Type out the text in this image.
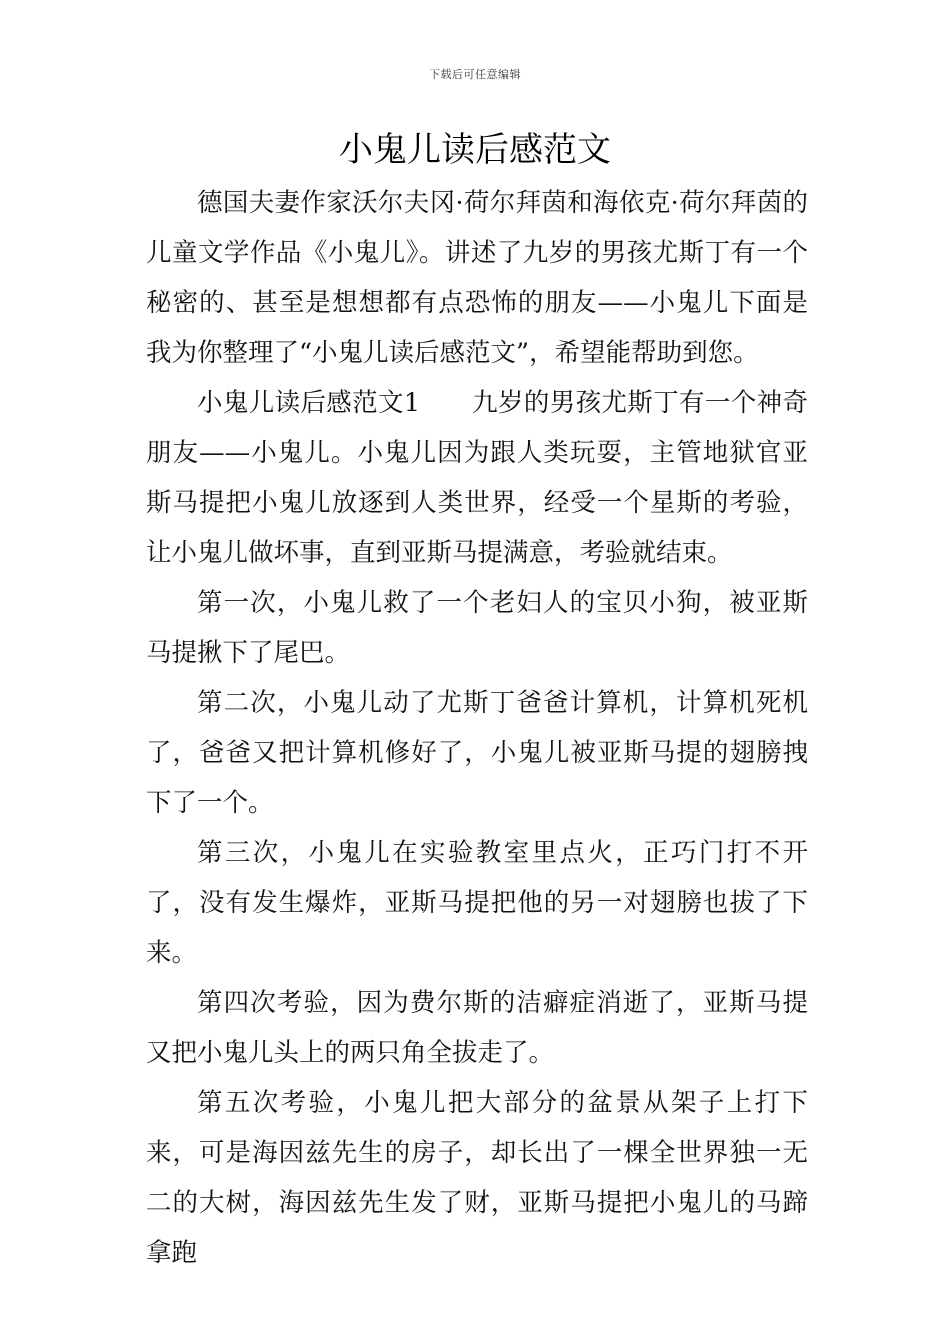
下载后可任意编辑
小鬼儿读后感范文

德国夫妻作家沃尔夫冈·荷尔拜茵和海依克·荷尔拜茵的儿童文学作品《小鬼儿》。讲述了九岁的男孩尤斯丁有一个秘密的、甚至是想想都有点恐怖的朋友——小鬼儿下面是我为你整理了“小鬼儿读后感范文”，希望能帮助到您。

小鬼儿读后感范文1　　九岁的男孩尤斯丁有一个神奇朋友——小鬼儿。小鬼儿因为跟人类玩耍，主管地狱官亚斯马提把小鬼儿放逐到人类世界，经受一个星斯的考验，让小鬼儿做坏事，直到亚斯马提满意，考验就结束。

第一次，小鬼儿救了一个老妇人的宝贝小狗，被亚斯马提揪下了尾巴。

第二次，小鬼儿动了尤斯丁爸爸计算机，计算机死机了，爸爸又把计算机修好了，小鬼儿被亚斯马提的翅膀拽下了一个。

第三次，小鬼儿在实验教室里点火，正巧门打不开了，没有发生爆炸，亚斯马提把他的另一对翅膀也拔了下来。

第四次考验，因为费尔斯的洁癖症消逝了，亚斯马提又把小鬼儿头上的两只角全拔走了。

第五次考验，小鬼儿把大部分的盆景从架子上打下来，可是海因兹先生的房子，却长出了一棵全世界独一无二的大树，海因兹先生发了财，亚斯马提把小鬼儿的马蹄拿跑
